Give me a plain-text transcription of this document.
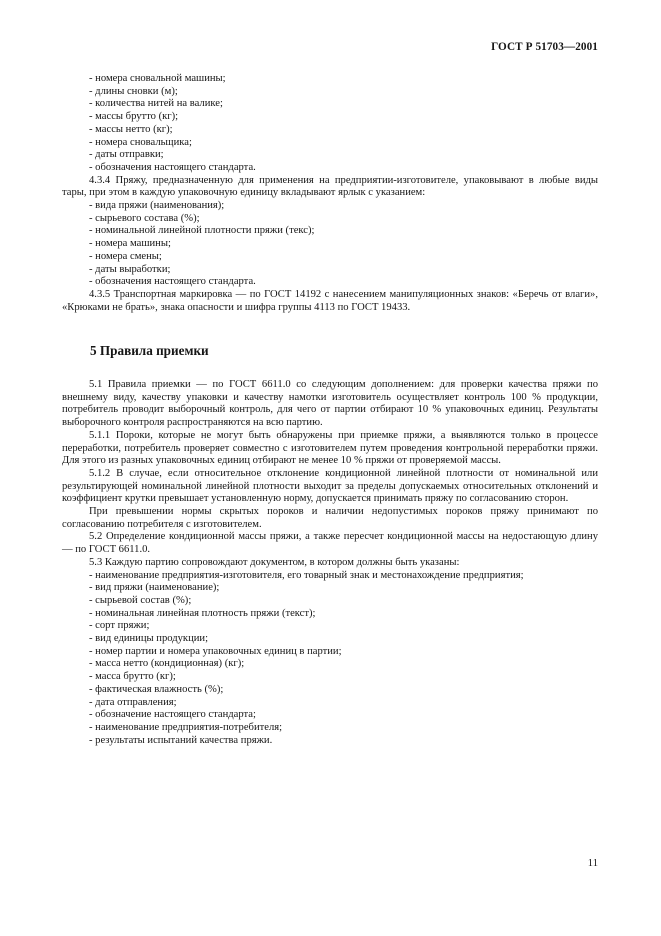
ГОСТ Р 51703—2001
- номера сновальной машины;
- длины сновки (м);
- количества нитей на валике;
- массы брутто (кг);
- массы нетто (кг);
- номера сновальщика;
- даты отправки;
- обозначения настоящего стандарта.
4.3.4 Пряжу, предназначенную для применения на предприятии-изготовителе, упаковывают в любые виды тары, при этом в каждую упаковочную единицу вкладывают ярлык с указанием:
- вида пряжи (наименования);
- сырьевого состава (%);
- номинальной линейной плотности пряжи (текс);
- номера машины;
- номера смены;
- даты выработки;
- обозначения настоящего стандарта.
4.3.5 Транспортная маркировка — по ГОСТ 14192 с нанесением манипуляционных знаков: «Беречь от влаги», «Крюками не брать», знака опасности и шифра группы 4113 по ГОСТ 19433.
5 Правила приемки
5.1 Правила приемки — по ГОСТ 6611.0 со следующим дополнением: для проверки качества пряжи по внешнему виду, качеству упаковки и качеству намотки изготовитель осуществляет контроль 100 % продукции, потребитель проводит выборочный контроль, для чего от партии отбирают 10 % упаковочных единиц. Результаты выборочного контроля распространяются на всю партию.
5.1.1 Пороки, которые не могут быть обнаружены при приемке пряжи, а выявляются только в процессе переработки, потребитель проверяет совместно с изготовителем путем проведения контрольной переработки пряжи. Для этого из разных упаковочных единиц отбирают не менее 10 % пряжи от проверяемой массы.
5.1.2 В случае, если относительное отклонение кондиционной линейной плотности от номинальной или результирующей номинальной линейной плотности выходит за пределы допускаемых относительных отклонений и коэффициент крутки превышает установленную норму, допускается принимать пряжу по согласованию сторон.
При превышении нормы скрытых пороков и наличии недопустимых пороков пряжу принимают по согласованию потребителя с изготовителем.
5.2 Определение кондиционной массы пряжи, а также пересчет кондиционной массы на недостающую длину — по ГОСТ 6611.0.
5.3 Каждую партию сопровождают документом, в котором должны быть указаны:
- наименование предприятия-изготовителя, его товарный знак и местонахождение предприятия;
- вид пряжи (наименование);
- сырьевой состав (%);
- номинальная линейная плотность пряжи (текст);
- сорт пряжи;
- вид единицы продукции;
- номер партии и номера упаковочных единиц в партии;
- масса нетто (кондиционная) (кг);
- масса брутто (кг);
- фактическая влажность (%);
- дата отправления;
- обозначение настоящего стандарта;
- наименование предприятия-потребителя;
- результаты испытаний качества пряжи.
11
